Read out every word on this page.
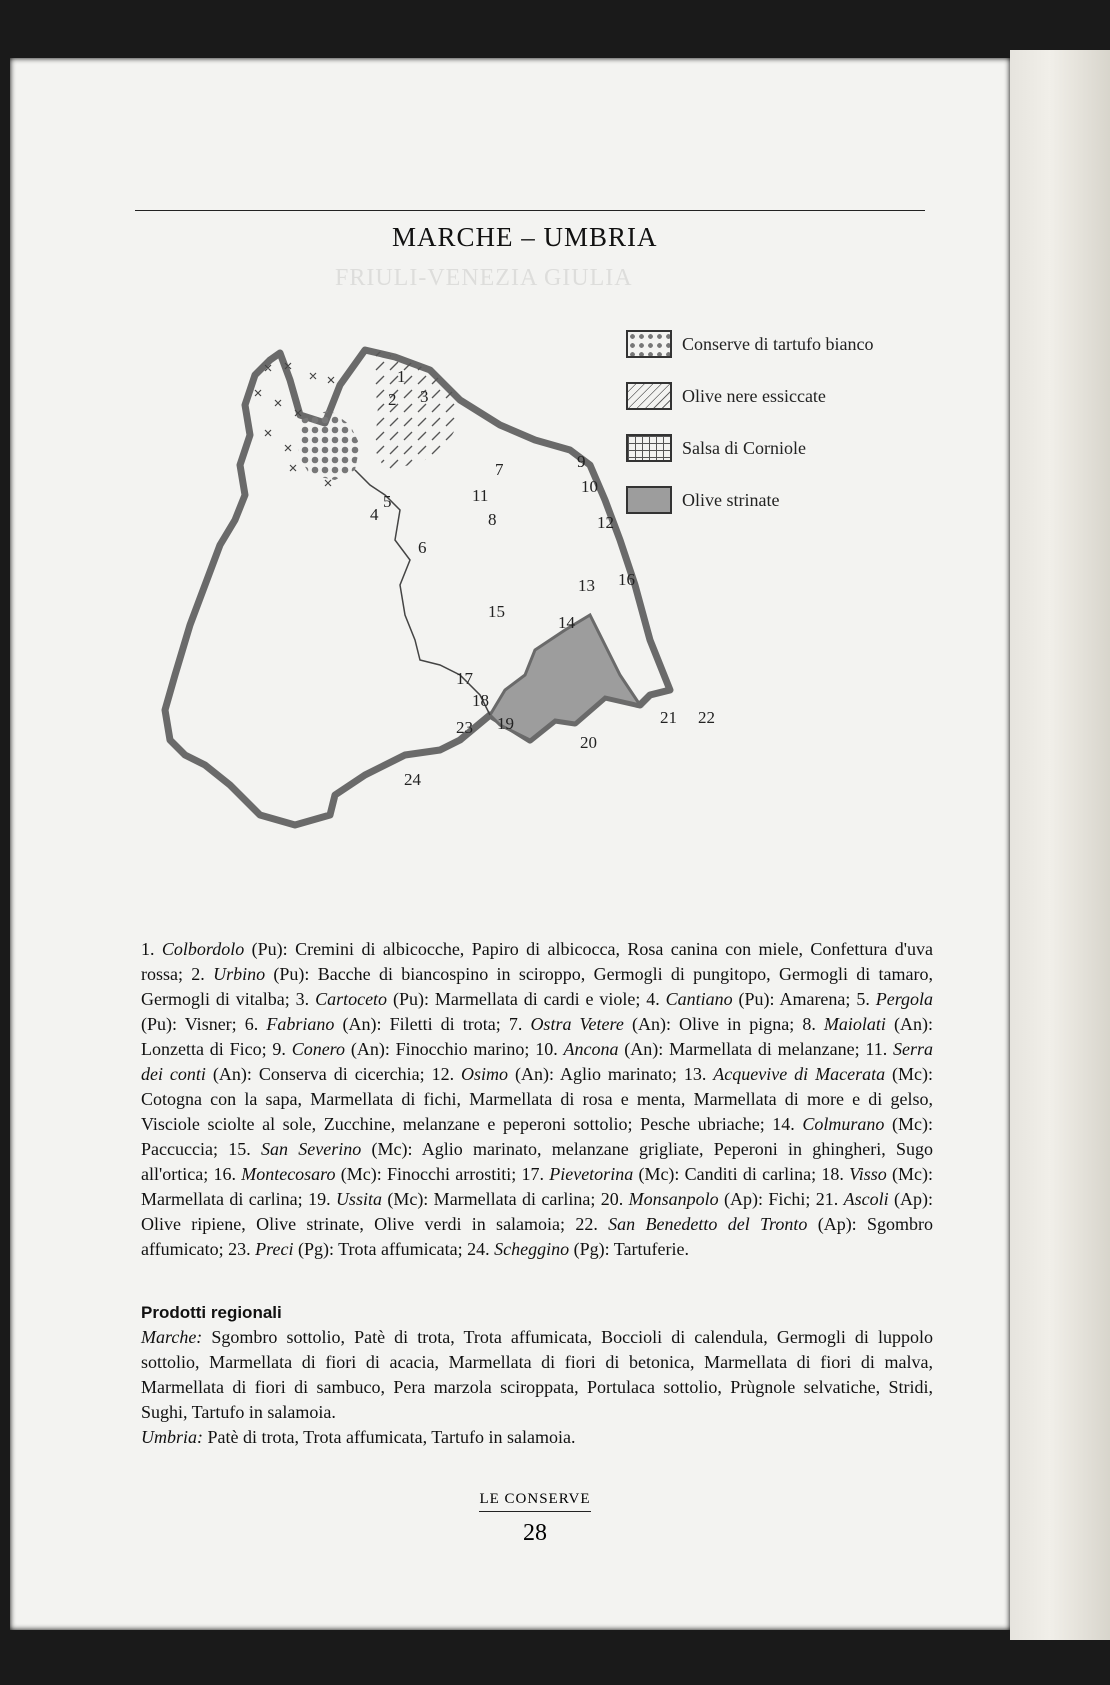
MARCHE – UMBRIA
1
2 3
4
5
6
7
8
9
10
11
12
13
14
15
16
17
18
19
20
21 22
23
24
Conserve di tartufo bianco
Olive nere essiccate
Salsa di Corniole
Olive strinate
FRIULI-VENEZIA GIULIA
1. Colbordolo (Pu): Cremini di albicocche, Papiro di albicocca, Rosa canina con miele, Confettura d'uva rossa; 2. Urbino (Pu): Bacche di biancospino in sciroppo, Germogli di pungitopo, Germogli di tamaro, Germogli di vitalba; 3. Cartoceto (Pu): Marmellata di cardi e viole; 4. Cantiano (Pu): Amarena; 5. Pergola (Pu): Visner; 6. Fabriano (An): Filetti di trota; 7. Ostra Vetere (An): Olive in pigna; 8. Maiolati (An): Lonzetta di Fico; 9. Conero (An): Finocchio marino; 10. Ancona (An): Marmellata di melanzane; 11. Serra dei conti (An): Conserva di cicerchia; 12. Osimo (An): Aglio marinato; 13. Acquevive di Macerata (Mc): Cotogna con la sapa, Marmellata di fichi, Marmellata di rosa e menta, Marmellata di more e di gelso, Visciole sciolte al sole, Zucchine, melanzane e peperoni sottolio; Pesche ubriache; 14. Colmurano (Mc): Paccuccia; 15. San Severino (Mc): Aglio marinato, melanzane grigliate, Peperoni in ghingheri, Sugo all'ortica; 16. Montecosaro (Mc): Finocchi arrostiti; 17. Pievetorina (Mc): Canditi di carlina; 18. Visso (Mc): Marmellata di carlina; 19. Ussita (Mc): Marmellata di carlina; 20. Monsanpolo (Ap): Fichi; 21. Ascoli (Ap): Olive ripiene, Olive strinate, Olive verdi in salamoia; 22. San Benedetto del Tronto (Ap): Sgombro affumicato; 23. Preci (Pg): Trota affumicata; 24. Scheggino (Pg): Tartuferie.
Prodotti regionali
Marche: Sgombro sottolio, Patè di trota, Trota affumicata, Boccioli di calendula, Germogli di luppolo sottolio, Marmellata di fiori di acacia, Marmellata di fiori di betonica, Marmellata di fiori di malva, Marmellata di fiori di sambuco, Pera marzola sciroppata, Portulaca sottolio, Prùgnole selvatiche, Stridi, Sughi, Tartufo in salamoia.
Umbria: Patè di trota, Trota affumicata, Tartufo in salamoia.
LE CONSERVE
28
